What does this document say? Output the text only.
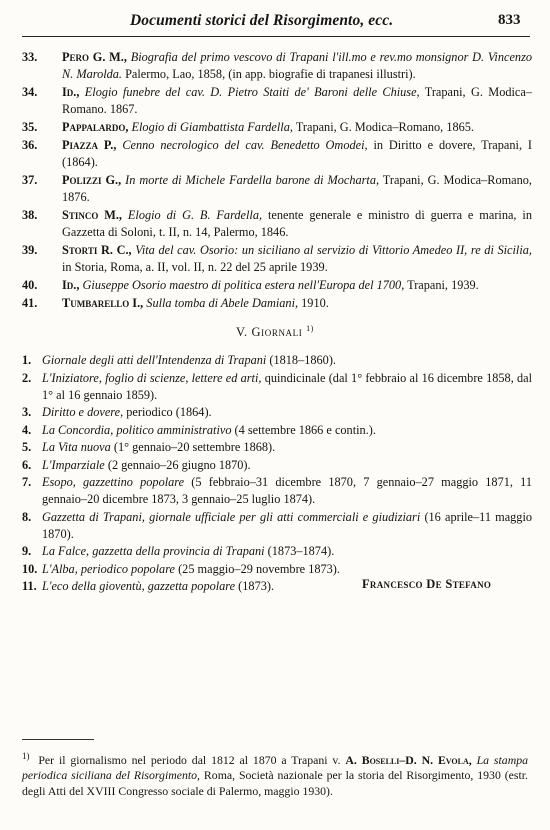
Documenti storici del Risorgimento, ecc.	833
33.	Pero G. M., Biografia del primo vescovo di Trapani l'ill.mo e rev.mo monsignor D. Vincenzo N. Marolda. Palermo, Lao, 1858, (in app. biografie di trapanesi illustri).
34.	Id., Elogio funebre del cav. D. Pietro Staiti de' Baroni delle Chiuse, Trapani, G. Modica–Romano. 1867.
35.	Pappalardo, Elogio di Giambattista Fardella, Trapani, G. Modica–Romano, 1865.
36.	Piazza P., Cenno necrologico del cav. Benedetto Omodei, in Diritto e dovere, Trapani, I (1864).
37.	Polizzi G., In morte di Michele Fardella barone di Mocharta, Trapani, G. Modica–Romano, 1876.
38.	Stinco M., Elogio di G. B. Fardella, tenente generale e ministro di guerra e marina, in Gazzetta di Soloni, t. II, n. 14, Palermo, 1846.
39.	Storti R. C., Vita del cav. Osorio: un siciliano al servizio di Vittorio Amedeo II, re di Sicilia, in Storia, Roma, a. II, vol. II, n. 22 del 25 aprile 1939.
40.	Id., Giuseppe Osorio maestro di politica estera nell'Europa del 1700, Trapani, 1939.
41.	Tumbarello I., Sulla tomba di Abele Damiani, 1910.
V. Giornali $^{1)}$
1. Giornale degli atti dell'Intendenza di Trapani (1818–1860).
2. L'Iniziatore, foglio di scienze, lettere ed arti, quindicinale (dal 1° febbraio al 16 dicembre 1858, dal 1° al 16 gennaio 1859).
3. Diritto e dovere, periodico (1864).
4. La Concordia, politico amministrativo (4 settembre 1866 e contin.).
5. La Vita nuova (1° gennaio–20 settembre 1868).
6. L'Imparziale (2 gennaio–26 giugno 1870).
7. Esopo, gazzettino popolare (5 febbraio–31 dicembre 1870, 7 gennaio–27 maggio 1871, 11 gennaio–20 dicembre 1873, 3 gennaio–25 luglio 1874).
8. Gazzetta di Trapani, giornale ufficiale per gli atti commerciali e giudiziari (16 aprile–11 maggio 1870).
9. La Falce, gazzetta della provincia di Trapani (1873–1874).
10. L'Alba, periodico popolare (25 maggio–29 novembre 1873).
11. L'eco della gioventù, gazzetta popolare (1873).	Francesco De Stefano
$^{1)}$ Per il giornalismo nel periodo dal 1812 al 1870 a Trapani v. A. Boselli–D. N. Evola, La stampa periodica siciliana del Risorgimento, Roma, Società nazionale per la storia del Risorgimento, 1930 (estr. degli Atti del XVIII Congresso sociale di Palermo, maggio 1930).
